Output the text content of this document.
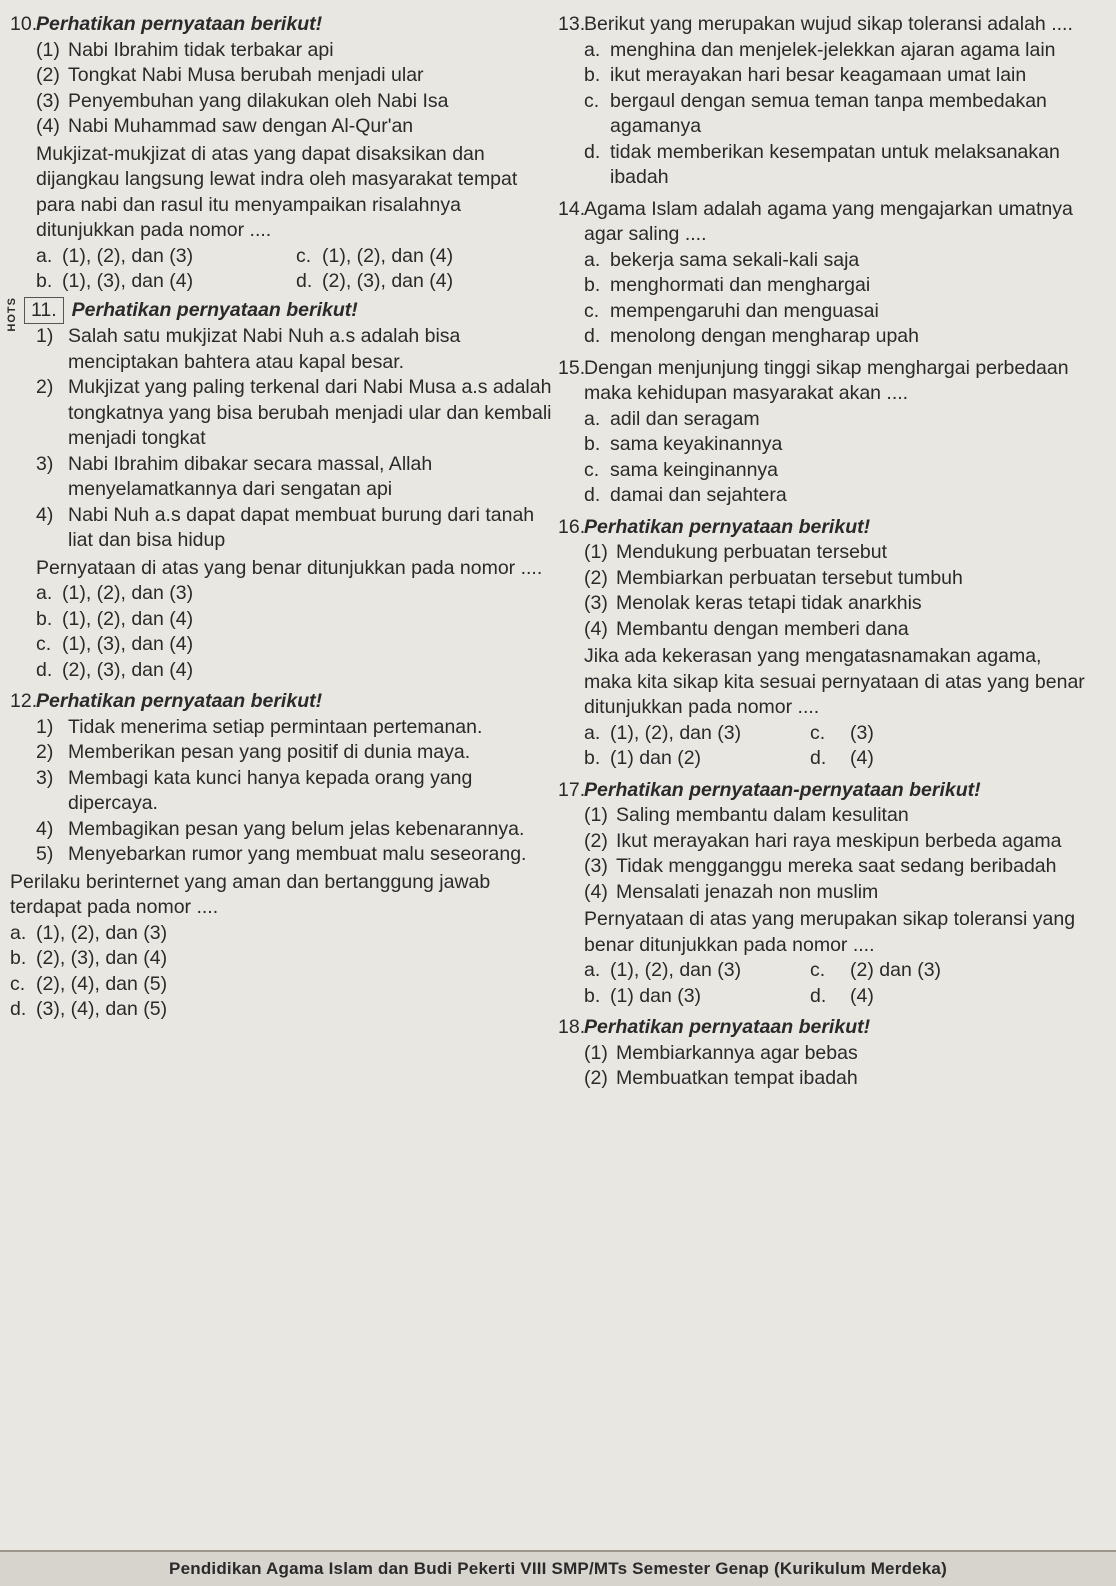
10.
Perhatikan pernyataan berikut!
(1) Nabi Ibrahim tidak terbakar api
(2) Tongkat Nabi Musa berubah menjadi ular
(3) Penyembuhan yang dilakukan oleh Nabi Isa
(4) Nabi Muhammad saw dengan Al-Qur'an
Mukjizat-mukjizat di atas yang dapat disaksikan dan dijangkau langsung lewat indra oleh masyarakat tempat para nabi dan rasul itu menyampaikan risalahnya ditunjukkan pada nomor ....
a. (1), (2), dan (3)	c. (1), (2), dan (4)
b. (1), (3), dan (4)	d. (2), (3), dan (4)
HOTS 11. Perhatikan pernyataan berikut!
1) Salah satu mukjizat Nabi Nuh a.s adalah bisa menciptakan bahtera atau kapal besar.
2) Mukjizat yang paling terkenal dari Nabi Musa a.s adalah tongkatnya yang bisa berubah menjadi ular dan kembali menjadi tongkat
3) Nabi Ibrahim dibakar secara massal, Allah menyelamatkannya dari sengatan api
4) Nabi Nuh a.s dapat dapat membuat burung dari tanah liat dan bisa hidup
Pernyataan di atas yang benar ditunjukkan pada nomor ....
a. (1), (2), dan (3)
b. (1), (2), dan (4)
c. (1), (3), dan (4)
d. (2), (3), dan (4)
12.
Perhatikan pernyataan berikut!
1) Tidak menerima setiap permintaan pertemanan.
2) Memberikan pesan yang positif di dunia maya.
3) Membagi kata kunci hanya kepada orang yang dipercaya.
4) Membagikan pesan yang belum jelas kebenarannya.
5) Menyebarkan rumor yang membuat malu seseorang.
Perilaku berinternet yang aman dan bertanggung jawab terdapat pada nomor ....
a. (1), (2), dan (3)
b. (2), (3), dan (4)
c. (2), (4), dan (5)
d. (3), (4), dan (5)
13.
Berikut yang merupakan wujud sikap toleransi adalah ....
a. menghina dan menjelek-jelekkan ajaran agama lain
b. ikut merayakan hari besar keagamaan umat lain
c. bergaul dengan semua teman tanpa membedakan agamanya
d. tidak memberikan kesempatan untuk melaksanakan ibadah
14.
Agama Islam adalah agama yang mengajarkan umatnya agar saling ....
a. bekerja sama sekali-kali saja
b. menghormati dan menghargai
c. mempengaruhi dan menguasai
d. menolong dengan mengharap upah
15.
Dengan menjunjung tinggi sikap menghargai perbedaan maka kehidupan masyarakat akan ....
a. adil dan seragam
b. sama keyakinannya
c. sama keinginannya
d. damai dan sejahtera
16.
Perhatikan pernyataan berikut!
(1) Mendukung perbuatan tersebut
(2) Membiarkan perbuatan tersebut tumbuh
(3) Menolak keras tetapi tidak anarkhis
(4) Membantu dengan memberi dana
Jika ada kekerasan yang mengatasnamakan agama, maka kita sikap kita sesuai pernyataan di atas yang benar ditunjukkan pada nomor ....
a. (1), (2), dan (3)	c.	(3)
b. (1) dan (2)	d.	(4)
17.
Perhatikan pernyataan-pernyataan berikut!
(1) Saling membantu dalam kesulitan
(2) Ikut merayakan hari raya meskipun berbeda agama
(3) Tidak mengganggu mereka saat sedang beribadah
(4) Mensalati jenazah non muslim
Pernyataan di atas yang merupakan sikap toleransi yang benar ditunjukkan pada nomor ....
a. (1), (2), dan (3)	c.	(2) dan (3)
b. (1) dan (3)	d.	(4)
18.
Perhatikan pernyataan berikut!
(1) Membiarkannya agar bebas
(2) Membuatkan tempat ibadah
Pendidikan Agama Islam dan Budi Pekerti VIII SMP/MTs Semester Genap (Kurikulum Merdeka)
